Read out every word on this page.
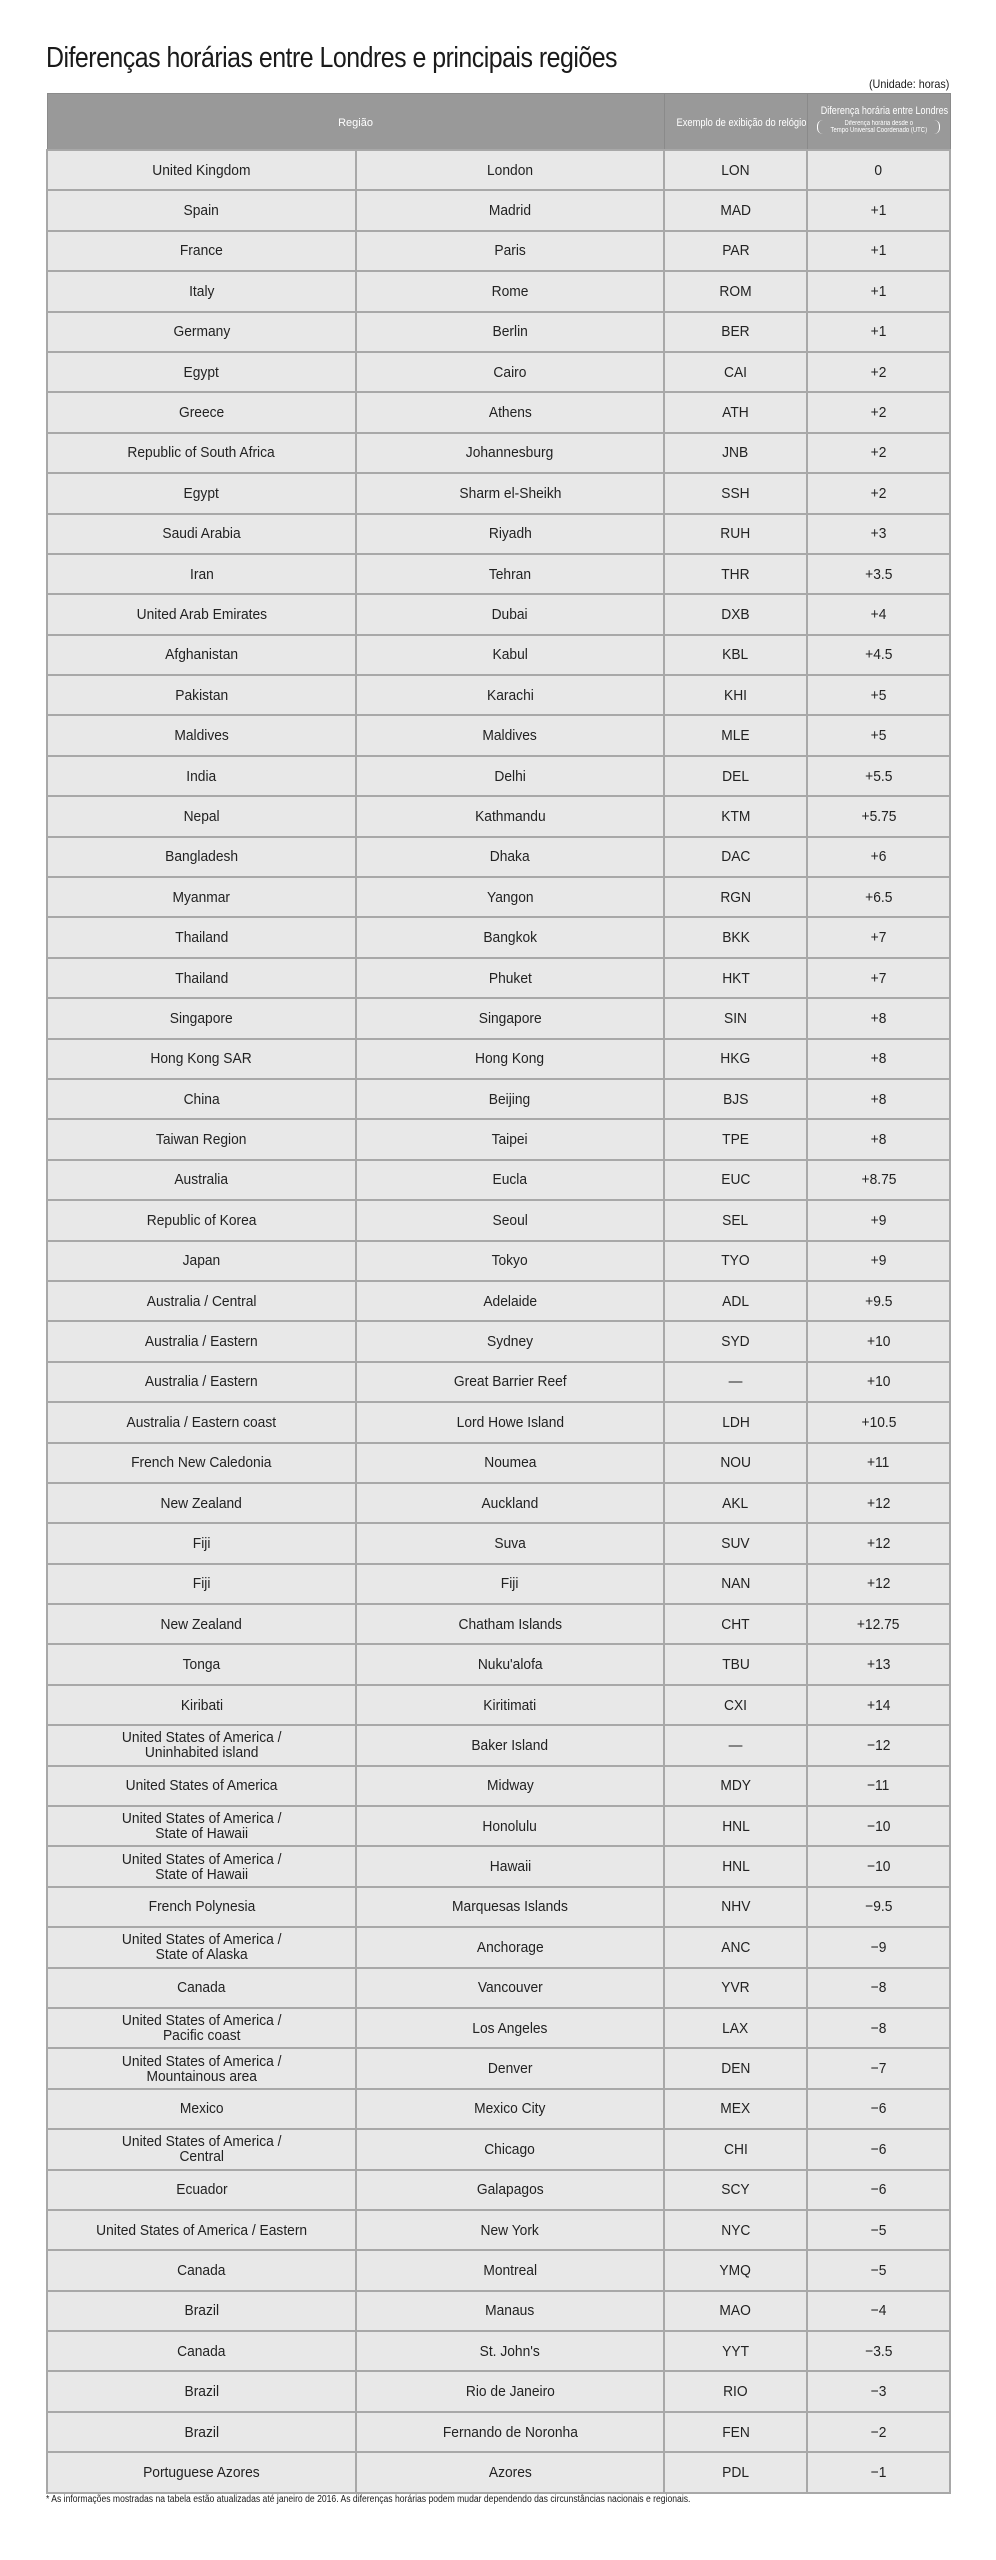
Diferenças horárias entre Londres e principais regiões
(Unidade: horas)
Região		Exemplo de exibição do relógio	Diferença horária entre Londres
Diferença horária desde o
Tempo Universal Coordenado (UTC)

United Kingdom	London	LON	0
Spain	Madrid	MAD	+1
France	Paris	PAR	+1
Italy	Rome	ROM	+1
Germany	Berlin	BER	+1
Egypt	Cairo	CAI	+2
Greece	Athens	ATH	+2
Republic of South Africa	Johannesburg	JNB	+2
Egypt	Sharm el-Sheikh	SSH	+2
Saudi Arabia	Riyadh	RUH	+3
Iran	Tehran	THR	+3.5
United Arab Emirates	Dubai	DXB	+4
Afghanistan	Kabul	KBL	+4.5
Pakistan	Karachi	KHI	+5
Maldives	Maldives	MLE	+5
India	Delhi	DEL	+5.5
Nepal	Kathmandu	KTM	+5.75
Bangladesh	Dhaka	DAC	+6
Myanmar	Yangon	RGN	+6.5
Thailand	Bangkok	BKK	+7
Thailand	Phuket	HKT	+7
Singapore	Singapore	SIN	+8
Hong Kong SAR	Hong Kong	HKG	+8
China	Beijing	BJS	+8
Taiwan Region	Taipei	TPE	+8
Australia	Eucla	EUC	+8.75
Republic of Korea	Seoul	SEL	+9
Japan	Tokyo	TYO	+9
Australia / Central	Adelaide	ADL	+9.5
Australia / Eastern	Sydney	SYD	+10
Australia / Eastern	Great Barrier Reef	—	+10
Australia / Eastern coast	Lord Howe Island	LDH	+10.5
French New Caledonia	Noumea	NOU	+11
New Zealand	Auckland	AKL	+12
Fiji	Suva	SUV	+12
Fiji	Fiji	NAN	+12
New Zealand	Chatham Islands	CHT	+12.75
Tonga	Nuku'alofa	TBU	+13
Kiribati	Kiritimati	CXI	+14
United States of America /
Uninhabited island	Baker Island	—	−12
United States of America	Midway	MDY	−11
United States of America /
State of Hawaii	Honolulu	HNL	−10
United States of America /
State of Hawaii	Hawaii	HNL	−10
French Polynesia	Marquesas Islands	NHV	−9.5
United States of America /
State of Alaska	Anchorage	ANC	−9
Canada	Vancouver	YVR	−8
United States of America /
Pacific coast	Los Angeles	LAX	−8
United States of America /
Mountainous area	Denver	DEN	−7
Mexico	Mexico City	MEX	−6
United States of America /
Central	Chicago	CHI	−6
Ecuador	Galapagos	SCY	−6
United States of America / Eastern	New York	NYC	−5
Canada	Montreal	YMQ	−5
Brazil	Manaus	MAO	−4
Canada	St. John's	YYT	−3.5
Brazil	Rio de Janeiro	RIO	−3
Brazil	Fernando de Noronha	FEN	−2
Portuguese Azores	Azores	PDL	−1
* As informações mostradas na tabela estão atualizadas até janeiro de 2016. As diferenças horárias podem mudar dependendo das circunstâncias nacionais e regionais.
